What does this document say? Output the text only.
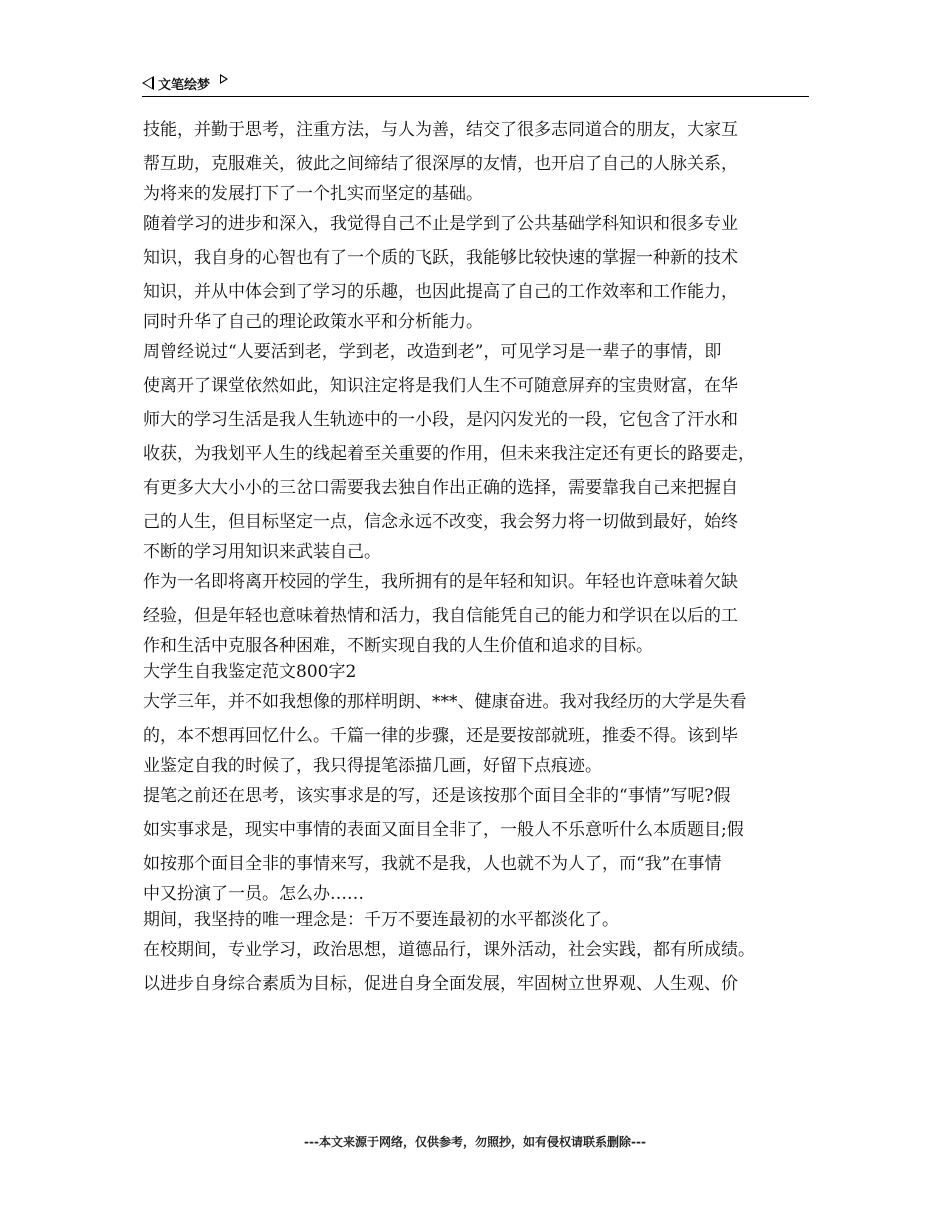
文笔绘梦
技能，并勤于思考，注重方法，与人为善，结交了很多志同道合的朋友，大家互
帮互助，克服难关，彼此之间缔结了很深厚的友情，也开启了自己的人脉关系，
为将来的发展打下了一个扎实而坚定的基础。
随着学习的进步和深入，我觉得自己不止是学到了公共基础学科知识和很多专业
知识，我自身的心智也有了一个质的飞跃，我能够比较快速的掌握一种新的技术
知识，并从中体会到了学习的乐趣，也因此提高了自己的工作效率和工作能力，
同时升华了自己的理论政策水平和分析能力。
周曾经说过“人要活到老，学到老，改造到老”，可见学习是一辈子的事情，即
使离开了课堂依然如此，知识注定将是我们人生不可随意屏弃的宝贵财富，在华
师大的学习生活是我人生轨迹中的一小段，是闪闪发光的一段，它包含了汗水和
收获，为我划平人生的线起着至关重要的作用，但未来我注定还有更长的路要走，
有更多大大小小的三岔口需要我去独自作出正确的选择，需要靠我自己来把握自
己的人生，但目标坚定一点，信念永远不改变，我会努力将一切做到最好，始终
不断的学习用知识来武装自己。
作为一名即将离开校园的学生，我所拥有的是年轻和知识。年轻也许意味着欠缺
经验，但是年轻也意味着热情和活力，我自信能凭自己的能力和学识在以后的工
作和生活中克服各种困难，不断实现自我的人生价值和追求的目标。
大学生自我鉴定范文800字2
大学三年，并不如我想像的那样明朗、***、健康奋进。我对我经历的大学是失看
的，本不想再回忆什么。千篇一律的步骤，还是要按部就班，推委不得。该到毕
业鉴定自我的时候了，我只得提笔添描几画，好留下点痕迹。
提笔之前还在思考，该实事求是的写，还是该按那个面目全非的“事情”写呢?假
如实事求是，现实中事情的表面又面目全非了，一般人不乐意听什么本质题目;假
如按那个面目全非的事情来写，我就不是我，人也就不为人了，而“我”在事情
中又扮演了一员。怎么办……
期间，我坚持的唯一理念是：千万不要连最初的水平都淡化了。
在校期间，专业学习，政治思想，道德品行，课外活动，社会实践，都有所成绩。
以进步自身综合素质为目标，促进自身全面发展，牢固树立世界观、人生观、价
---本文来源于网络，仅供参考，勿照抄，如有侵权请联系删除---
